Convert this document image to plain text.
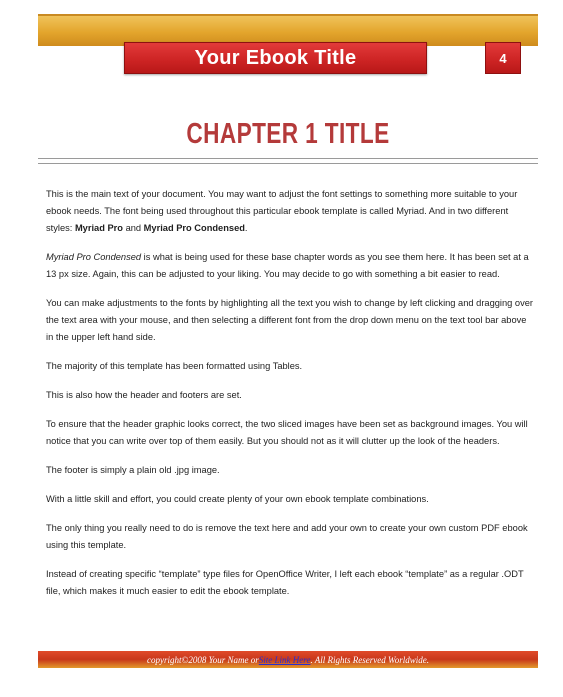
Your Ebook Title	4
CHAPTER 1 TITLE

This is the main text of your document. You may want to adjust the font settings to something more suitable to your ebook needs. The font being used throughout this particular ebook template is called Myriad. And in two different styles: Myriad Pro and Myriad Pro Condensed.

Myriad Pro Condensed is what is being used for these base chapter words as you see them here. It has been set at a 13 px size. Again, this can be adjusted to your liking. You may decide to go with something a bit easier to read.

You can make adjustments to the fonts by highlighting all the text you wish to change by left clicking and dragging over the text area with your mouse, and then selecting a different font from the drop down menu on the text tool bar above in the upper left hand side.

The majority of this template has been formatted using Tables.

This is also how the header and footers are set.

To ensure that the header graphic looks correct, the two sliced images have been set as background images. You will notice that you can write over top of them easily. But you should not as it will clutter up the look of the headers.

The footer is simply a plain old .jpg image.

With a little skill and effort, you could create plenty of your own ebook template combinations.

The only thing you really need to do is remove the text here and add your own to create your own custom PDF ebook using this template.

Instead of creating specific “template” type files for OpenOffice Writer, I left each ebook “template” as a regular .ODT file, which makes it much easier to edit the ebook template.

copyright©2008 Your Name or Site Link Here . All Rights Reserved Worldwide.
